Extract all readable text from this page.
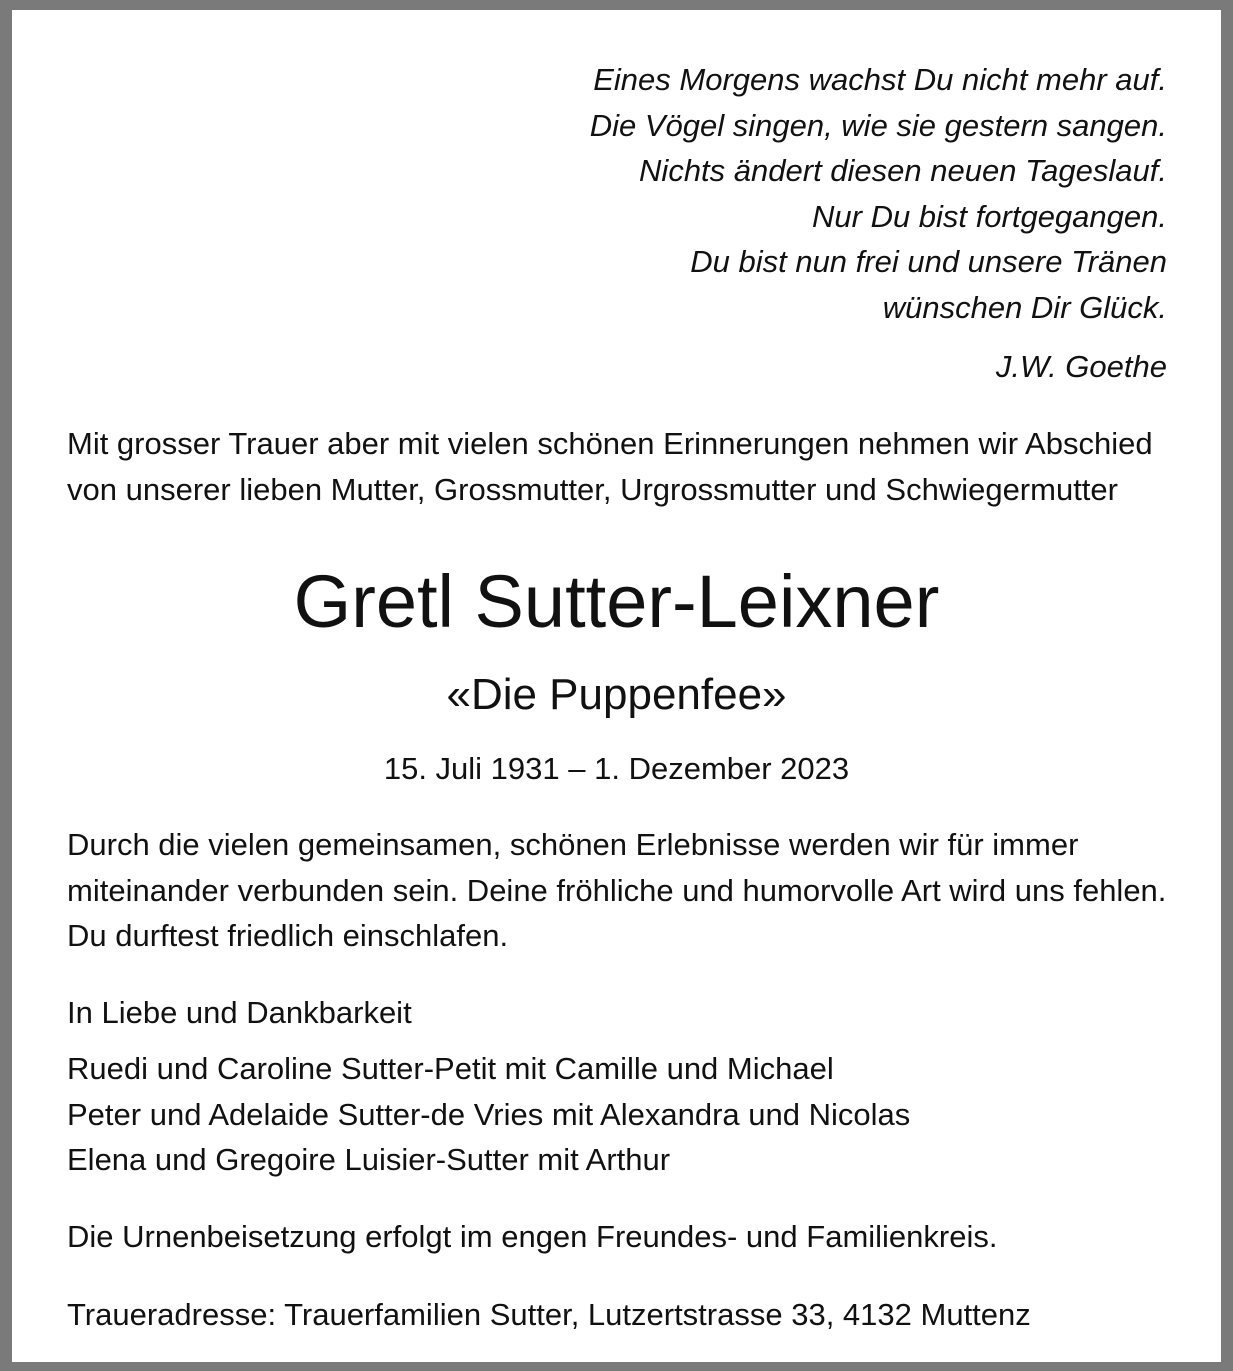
Eines Morgens wachst Du nicht mehr auf.
Die Vögel singen, wie sie gestern sangen.
Nichts ändert diesen neuen Tageslauf.
Nur Du bist fortgegangen.
Du bist nun frei und unsere Tränen
wünschen Dir Glück.
J.W. Goethe
Mit grosser Trauer aber mit vielen schönen Erinnerungen nehmen wir Abschied
von unserer lieben Mutter, Grossmutter, Urgrossmutter und Schwiegermutter
Gretl Sutter-Leixner
«Die Puppenfee»
15. Juli 1931 – 1. Dezember 2023
Durch die vielen gemeinsamen, schönen Erlebnisse werden wir für immer
miteinander verbunden sein. Deine fröhliche und humorvolle Art wird uns fehlen.
Du durftest friedlich einschlafen.
In Liebe und Dankbarkeit
Ruedi und Caroline Sutter-Petit mit Camille und Michael
Peter und Adelaide Sutter-de Vries mit Alexandra und Nicolas
Elena und Gregoire Luisier-Sutter mit Arthur
Die Urnenbeisetzung erfolgt im engen Freundes- und Familienkreis.
Traueradresse: Trauerfamilien Sutter, Lutzertstrasse 33, 4132 Muttenz
